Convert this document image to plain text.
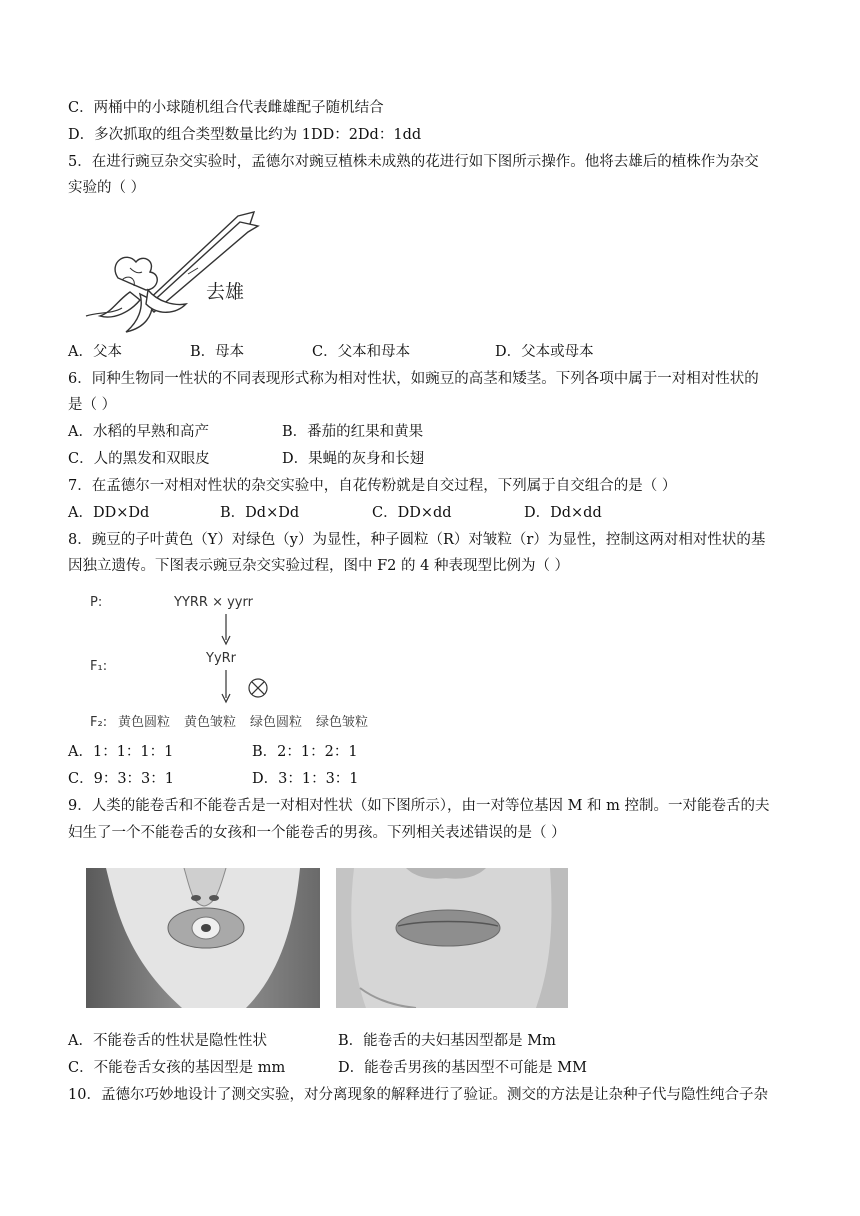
C．两桶中的小球随机组合代表雌雄配子随机结合
D．多次抓取的组合类型数量比约为 1DD：2Dd：1dd
5．在进行豌豆杂交实验时，孟德尔对豌豆植株未成熟的花进行如下图所示操作。他将去雄后的植株作为杂交
实验的（ ）
去雄
A．父本	B．母本	C．父本和母本	D．父本或母本
6．同种生物同一性状的不同表现形式称为相对性状，如豌豆的高茎和矮茎。下列各项中属于一对相对性状的
是（ ）
A．水稻的早熟和高产	B．番茄的红果和黄果
C．人的黑发和双眼皮	D．果蝇的灰身和长翅
7．在孟德尔一对相对性状的杂交实验中，自花传粉就是自交过程，下列属于自交组合的是（ ）
A．DD×Dd	B．Dd×Dd	C．DD×dd	D．Dd×dd
8．豌豆的子叶黄色（Y）对绿色（y）为显性，种子圆粒（R）对皱粒（r）为显性，控制这两对相对性状的基
因独立遗传。下图表示豌豆杂交实验过程，图中 F2 的 4 种表现型比例为（ ）
P:	YYRR × yyrr
F₁:
YyRr
F₂: 黄色圆粒 黄色皱粒 绿色圆粒 绿色皱粒
A．1：1：1：1	B．2：1：2：1
C．9：3：3：1	D．3：1：3：1
9．人类的能卷舌和不能卷舌是一对相对性状（如下图所示），由一对等位基因 M 和 m 控制。一对能卷舌的夫
妇生了一个不能卷舌的女孩和一个能卷舌的男孩。下列相关表述错误的是（ ）
A．不能卷舌的性状是隐性性状	B．能卷舌的夫妇基因型都是 Mm
C．不能卷舌女孩的基因型是 mm	D．能卷舌男孩的基因型不可能是 MM
10．孟德尔巧妙地设计了测交实验，对分离现象的解释进行了验证。测交的方法是让杂种子代与隐性纯合子杂
